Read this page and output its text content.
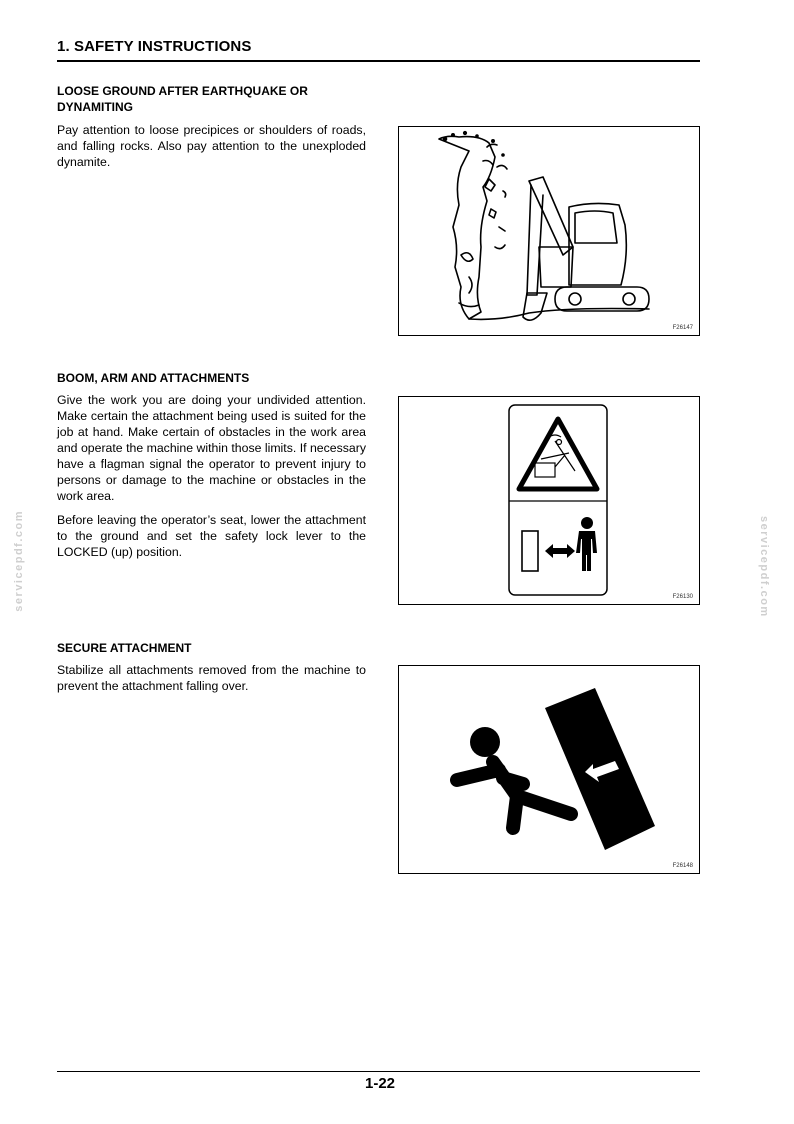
1. SAFETY INSTRUCTIONS
LOOSE GROUND AFTER EARTHQUAKE OR DYNAMITING
Pay attention to loose precipices or shoulders of roads, and falling rocks. Also pay attention to the unexploded dynamite.
F26147
BOOM, ARM AND ATTACHMENTS
Give the work you are doing your undivided attention. Make certain the attachment being used is suited for the job at hand. Make certain of obstacles in the work area and operate the machine within those limits. If necessary have a flagman signal the operator to prevent injury to persons or damage to the machine or obstacles in the work area.
Before leaving the operator’s seat, lower the attachment to the ground and set the safety lock lever to the LOCKED (up) position.
F26130
SECURE ATTACHMENT
Stabilize all attachments removed from the machine to prevent the attachment falling over.
F26148
servicepdf.com	servicepdf.com
1-22
